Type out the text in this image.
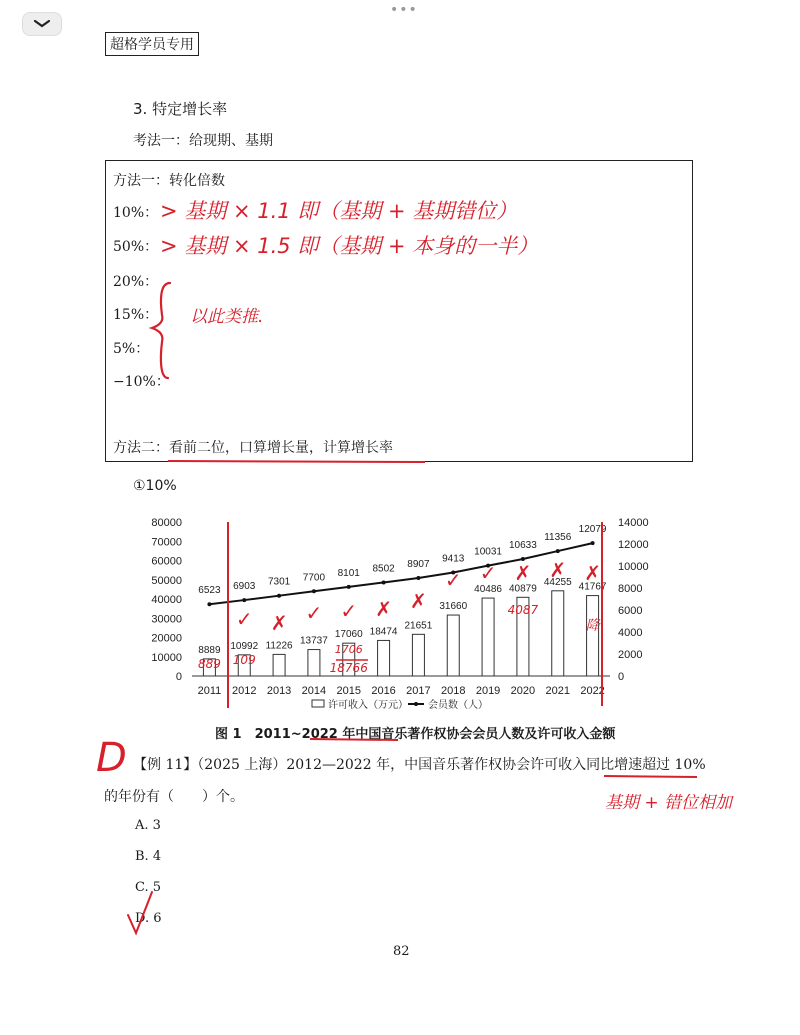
•••
超格学员专用
3. 特定增长率
考法一：给现期、基期
方法一：转化倍数
10%：
50%：
20%：
15%：
5%：
−10%：
方法二：看前二位，口算增长量，计算增长率
> 基期 × 1.1 即（基期 + 基期错位）
> 基期 × 1.5 即（基期 + 本身的一半）
以此类推.
①10%
80000
70000
60000
50000
40000
30000
20000
10000
0
14000
12000
10000
8000
6000
4000
2000
0
8889
2011
10992
2012
11226
2013
13737
2014
17060
2015
18474
2016
21651
2017
31660
2018
40486
2019
40879
2020
44255
2021
41767
2022
6523 6903 7301 7700 8101 8502 8907
9413
10031
10633
11356
12079
许可收入（万元） 会员数（人）
✓ ✗ ✓ ✓ ✗ ✗
✓ ✓ ✗ ✗ ✗
889 109
1706
18766
4087
降
图 1　2011~2022 年中国音乐著作权协会会员人数及许可收入金额
【例 11】（2025 上海）2012—2022 年，中国音乐著作权协会许可收入同比增速超过 10%
的年份有（　　）个。
A. 3
B. 4
C. 5
D. 6
D
基期 + 错位相加
82
